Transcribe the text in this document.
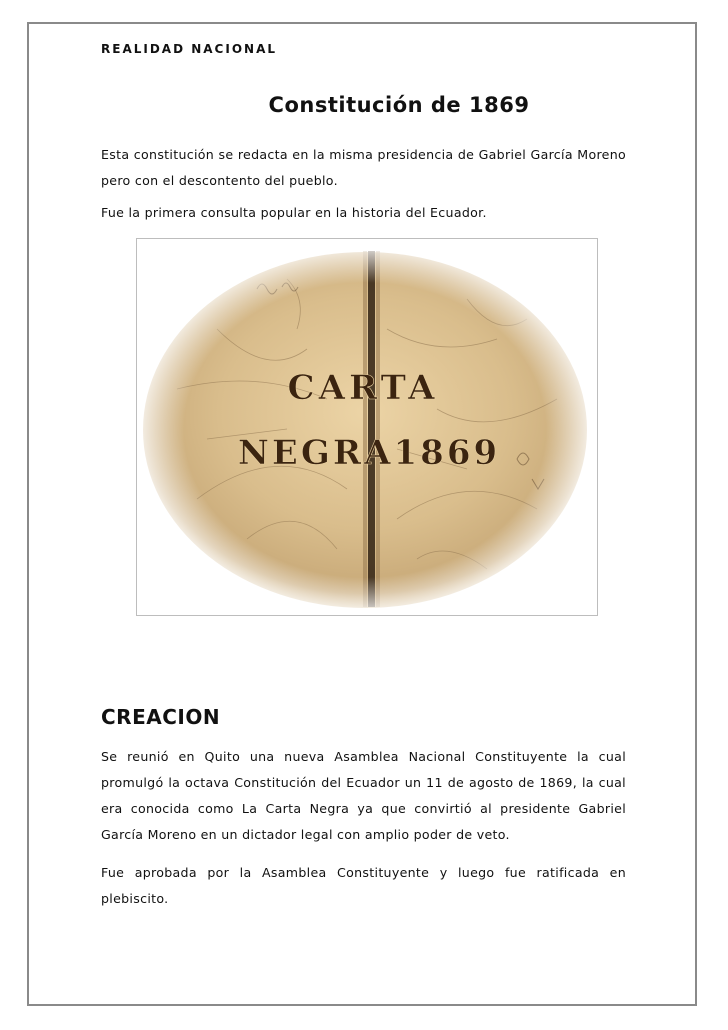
REALIDAD NACIONAL
Constitución de 1869
Esta constitución se redacta en la misma presidencia de Gabriel García Moreno pero con el descontento del pueblo.
Fue la primera consulta popular en la historia del Ecuador.
CARTA
NEGRA1869
CREACION
Se reunió en Quito una nueva Asamblea Nacional Constituyente la cual promulgó la octava Constitución del Ecuador un 11 de agosto de 1869, la cual era conocida como La Carta Negra ya que convirtió al presidente Gabriel García Moreno en un dictador legal con amplio poder de veto.
Fue aprobada por la Asamblea Constituyente y luego fue ratificada en plebiscito.
